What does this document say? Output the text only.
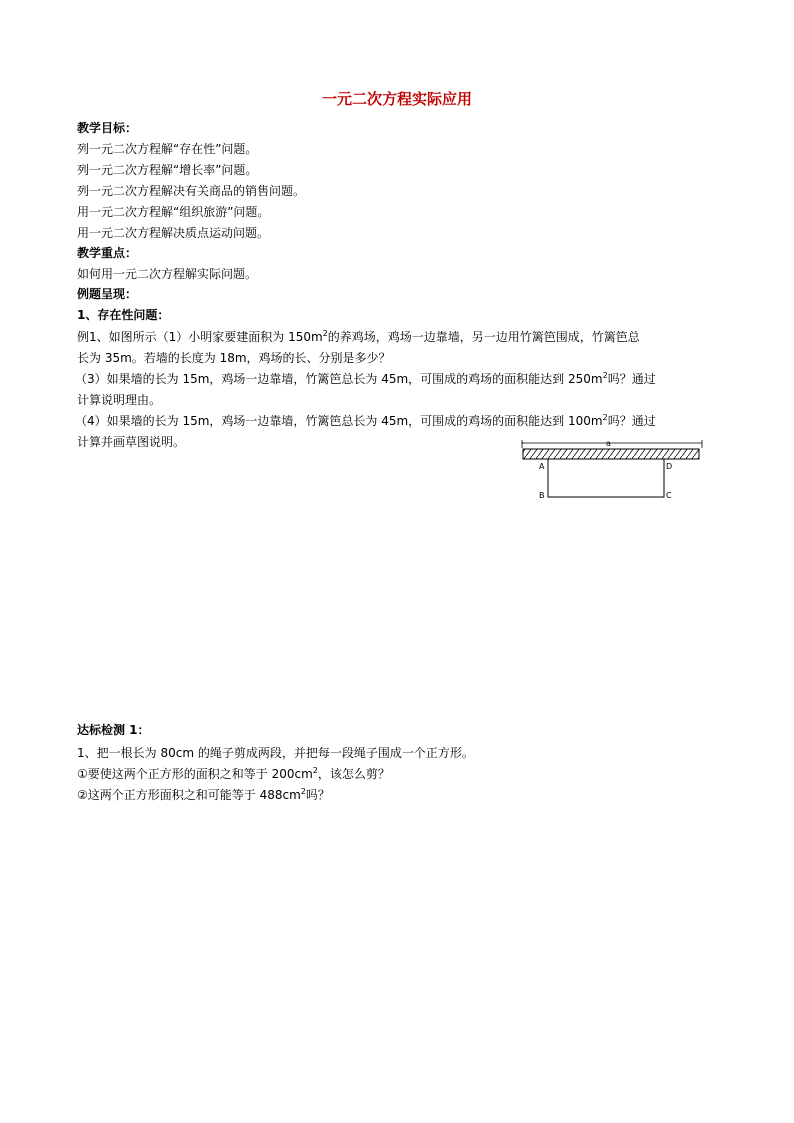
一元二次方程实际应用
教学目标：
列一元二次方程解“存在性”问题。
列一元二次方程解“增长率”问题。
列一元二次方程解决有关商品的销售问题。
用一元二次方程解“组织旅游”问题。
用一元二次方程解决质点运动问题。
教学重点：
如何用一元二次方程解实际问题。
例题呈现：
1、存在性问题：
例1、如图所示（1）小明家要建面积为 $150m^2$的养鸡场，鸡场一边靠墙，另一边用竹篱笆围成，竹篱笆总
长为 35m。若墙的长度为 18m，鸡场的长、分别是多少？
（3）如果墙的长为 15m，鸡场一边靠墙，竹篱笆总长为 45m，可围成的鸡场的面积能达到 $250m^2$吗？通过
计算说明理由。
（4）如果墙的长为 15m，鸡场一边靠墙，竹篱笆总长为 45m，可围成的鸡场的面积能达到 $100m^2$吗？通过
计算并画草图说明。	a
A	D
B	C
达标检测 1：
1、把一根长为 80cm 的绳子剪成两段，并把每一段绳子围成一个正方形。
①要使这两个正方形的面积之和等于 $200cm^2$，该怎么剪？
②这两个正方形面积之和可能等于 $488cm^2$吗？
